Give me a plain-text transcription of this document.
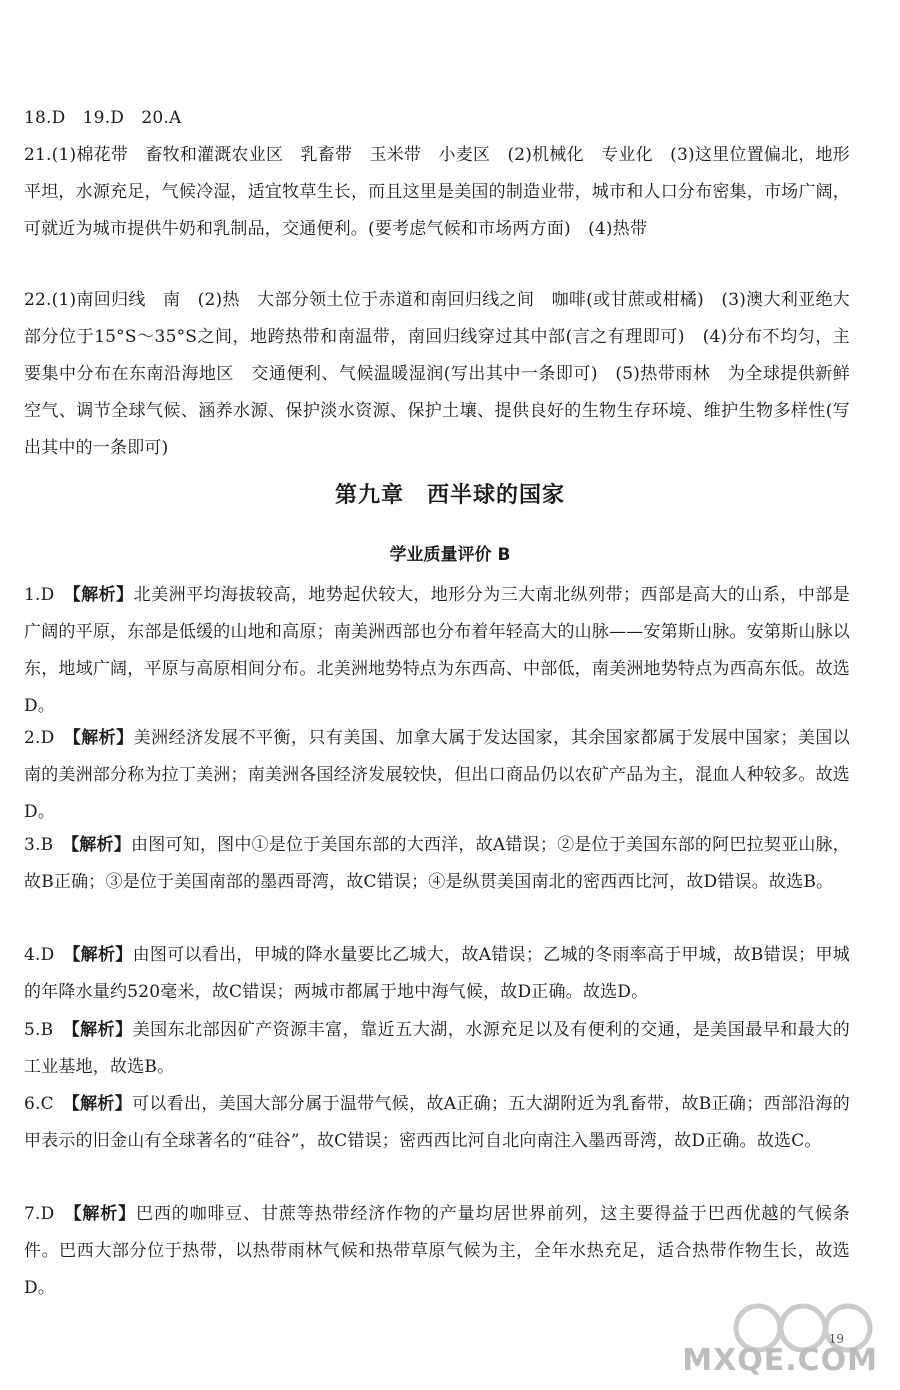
18.D　19.D　20.A
21.(1)棉花带　畜牧和灌溉农业区　乳畜带　玉米带　小麦区　(2)机械化　专业化　(3)这里位置偏北，地形平坦，水源充足，气候冷湿，适宜牧草生长，而且这里是美国的制造业带，城市和人口分布密集，市场广阔，可就近为城市提供牛奶和乳制品，交通便利。(要考虑气候和市场两方面)　(4)热带
22.(1)南回归线　南　(2)热　大部分领土位于赤道和南回归线之间　咖啡(或甘蔗或柑橘)　(3)澳大利亚绝大部分位于15°S～35°S之间，地跨热带和南温带，南回归线穿过其中部(言之有理即可)　(4)分布不均匀，主要集中分布在东南沿海地区　交通便利、气候温暖湿润(写出其中一条即可)　(5)热带雨林　为全球提供新鲜空气、调节全球气候、涵养水源、保护淡水资源、保护土壤、提供良好的生物生存环境、维护生物多样性(写出其中的一条即可)
第九章　西半球的国家
学业质量评价 B
1.D　【解析】北美洲平均海拔较高，地势起伏较大，地形分为三大南北纵列带；西部是高大的山系，中部是广阔的平原，东部是低缓的山地和高原；南美洲西部也分布着年轻高大的山脉——安第斯山脉。安第斯山脉以东，地域广阔，平原与高原相间分布。北美洲地势特点为东西高、中部低，南美洲地势特点为西高东低。故选D。
2.D　【解析】美洲经济发展不平衡，只有美国、加拿大属于发达国家，其余国家都属于发展中国家；美国以南的美洲部分称为拉丁美洲；南美洲各国经济发展较快，但出口商品仍以农矿产品为主，混血人种较多。故选D。
3.B　【解析】由图可知，图中①是位于美国东部的大西洋，故A错误；②是位于美国东部的阿巴拉契亚山脉，故B正确；③是位于美国南部的墨西哥湾，故C错误；④是纵贯美国南北的密西西比河，故D错误。故选B。
4.D　【解析】由图可以看出，甲城的降水量要比乙城大，故A错误；乙城的冬雨率高于甲城，故B错误；甲城的年降水量约520毫米，故C错误；两城市都属于地中海气候，故D正确。故选D。
5.B　【解析】美国东北部因矿产资源丰富，靠近五大湖，水源充足以及有便利的交通，是美国最早和最大的工业基地，故选B。
6.C　【解析】可以看出，美国大部分属于温带气候，故A正确；五大湖附近为乳畜带，故B正确；西部沿海的甲表示的旧金山有全球著名的“硅谷”，故C错误；密西西比河自北向南注入墨西哥湾，故D正确。故选C。
7.D　【解析】巴西的咖啡豆、甘蔗等热带经济作物的产量均居世界前列，这主要得益于巴西优越的气候条件。巴西大部分位于热带，以热带雨林气候和热带草原气候为主，全年水热充足，适合热带作物生长，故选D。
19
MXQE.COM
